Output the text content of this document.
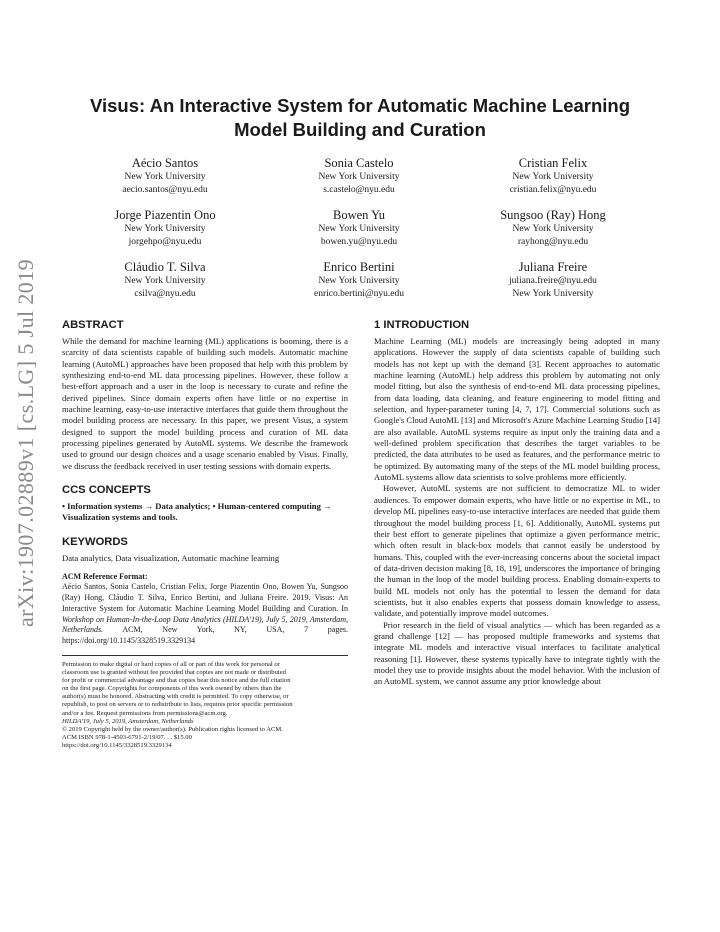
arXiv:1907.02889v1 [cs.LG] 5 Jul 2019
Visus: An Interactive System for Automatic Machine Learning
Model Building and Curation
Aécio Santos
New York University
aecio.santos@nyu.edu
Sonia Castelo
New York University
s.castelo@nyu.edu
Cristian Felix
New York University
cristian.felix@nyu.edu
Jorge Piazentin Ono
New York University
jorgehpo@nyu.edu
Bowen Yu
New York University
bowen.yu@nyu.edu
Sungsoo (Ray) Hong
New York University
rayhong@nyu.edu
Cláudio T. Silva
New York University
csilva@nyu.edu
Enrico Bertini
New York University
enrico.bertini@nyu.edu
Juliana Freire
juliana.freire@nyu.edu
New York University
ABSTRACT
While the demand for machine learning (ML) applications is booming, there is a scarcity of data scientists capable of building such models. Automatic machine learning (AutoML) approaches have been proposed that help with this problem by synthesizing end-to-end ML data processing pipelines. However, these follow a best-effort approach and a user in the loop is necessary to curate and refine the derived pipelines. Since domain experts often have little or no expertise in machine learning, easy-to-use interactive interfaces that guide them throughout the model building process are necessary. In this paper, we present Visus, a system designed to support the model building process and curation of ML data processing pipelines generated by AutoML systems. We describe the framework used to ground our design choices and a usage scenario enabled by Visus. Finally, we discuss the feedback received in user testing sessions with domain experts.
CCS CONCEPTS
• Information systems → Data analytics; • Human-centered computing → Visualization systems and tools.
KEYWORDS
Data analytics, Data visualization, Automatic machine learning
ACM Reference Format:
Aécio Santos, Sonia Castelo, Cristian Felix, Jorge Piazentin Ono, Bowen Yu, Sungsoo (Ray) Hong, Cláudio T. Silva, Enrico Bertini, and Juliana Freire. 2019. Visus: An Interactive System for Automatic Machine Learning Model Building and Curation. In Workshop on Human-In-the-Loop Data Analytics (HILDA'19), July 5, 2019, Amsterdam, Netherlands. ACM, New York, NY, USA, 7 pages. https://doi.org/10.1145/3328519.3329134
Permission to make digital or hard copies of all or part of this work for personal or
classroom use is granted without fee provided that copies are not made or distributed
for profit or commercial advantage and that copies bear this notice and the full citation
on the first page. Copyrights for components of this work owned by others than the
author(s) must be honored. Abstracting with credit is permitted. To copy otherwise, or
republish, to post on servers or to redistribute to lists, requires prior specific permission
and/or a fee. Request permissions from permissions@acm.org.
HILDA'19, July 5, 2019, Amsterdam, Netherlands
© 2019 Copyright held by the owner/author(s). Publication rights licensed to ACM.
ACM ISBN 978-1-4503-6791-2/19/07. . . $15.00
https://doi.org/10.1145/3328519.3329134
1 INTRODUCTION
Machine Learning (ML) models are increasingly being adopted in many applications. However the supply of data scientists capable of building such models has not kept up with the demand [3]. Recent approaches to automatic machine learning (AutoML) help address this problem by automating not only model fitting, but also the synthesis of end-to-end ML data processing pipelines, from data loading, data cleaning, and feature engineering to model fitting and selection, and hyper-parameter tuning [4, 7, 17]. Commercial solutions such as Google's Cloud AutoML [13] and Microsoft's Azure Machine Learning Studio [14] are also available. AutoML systems require as input only the training data and a well-defined problem specification that describes the target variables to be predicted, the data attributes to be used as features, and the performance metric to be optimized. By automating many of the steps of the ML model building process, AutoML systems allow data scientists to solve problems more efficiently.
However, AutoML systems are not sufficient to democratize ML to wider audiences. To empower domain experts, who have little or no expertise in ML, to develop ML pipelines easy-to-use interactive interfaces are needed that guide them throughout the model building process [1, 6]. Additionally, AutoML systems put their best effort to generate pipelines that optimize a given performance metric, which often result in black-box models that cannot easily be understood by humans. This, coupled with the ever-increasing concerns about the societal impact of data-driven decision making [8, 18, 19], underscores the importance of bringing the human in the loop of the model building process. Enabling domain-experts to build ML models not only has the potential to lessen the demand for data scientists, but it also enables experts that possess domain knowledge to assess, validate, and potentially improve model outcomes.
Prior research in the field of visual analytics — which has been regarded as a grand challenge [12] — has proposed multiple frameworks and systems that integrate ML models and interactive visual interfaces to facilitate analytical reasoning [1]. However, these systems typically have to integrate tightly with the model they use to provide insights about the model behavior. With the inclusion of an AutoML system, we cannot assume any prior knowledge about
